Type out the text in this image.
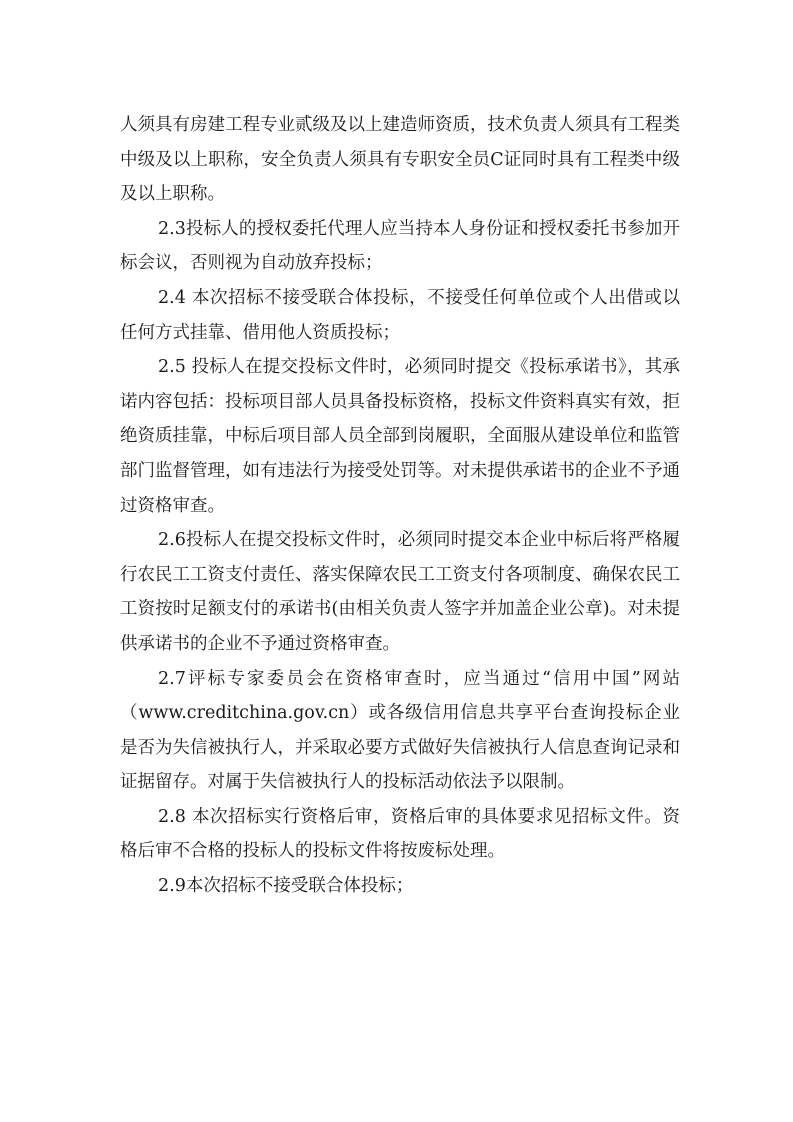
人须具有房建工程专业贰级及以上建造师资质，技术负责人须具有工程类中级及以上职称，安全负责人须具有专职安全员C证同时具有工程类中级及以上职称。

2.3投标人的授权委托代理人应当持本人身份证和授权委托书参加开标会议，否则视为自动放弃投标；

2.4 本次招标不接受联合体投标，不接受任何单位或个人出借或以任何方式挂靠、借用他人资质投标；

2.5 投标人在提交投标文件时，必须同时提交《投标承诺书》，其承诺内容包括：投标项目部人员具备投标资格，投标文件资料真实有效，拒绝资质挂靠，中标后项目部人员全部到岗履职，全面服从建设单位和监管部门监督管理，如有违法行为接受处罚等。对未提供承诺书的企业不予通过资格审查。

2.6投标人在提交投标文件时，必须同时提交本企业中标后将严格履行农民工工资支付责任、落实保障农民工工资支付各项制度、确保农民工工资按时足额支付的承诺书(由相关负责人签字并加盖企业公章)。对未提供承诺书的企业不予通过资格审查。

2.7评标专家委员会在资格审查时，应当通过“信用中国”网站（www.creditchina.gov.cn）或各级信用信息共享平台查询投标企业是否为失信被执行人，并采取必要方式做好失信被执行人信息查询记录和证据留存。对属于失信被执行人的投标活动依法予以限制。

2.8 本次招标实行资格后审，资格后审的具体要求见招标文件。资格后审不合格的投标人的投标文件将按废标处理。

2.9本次招标不接受联合体投标；
